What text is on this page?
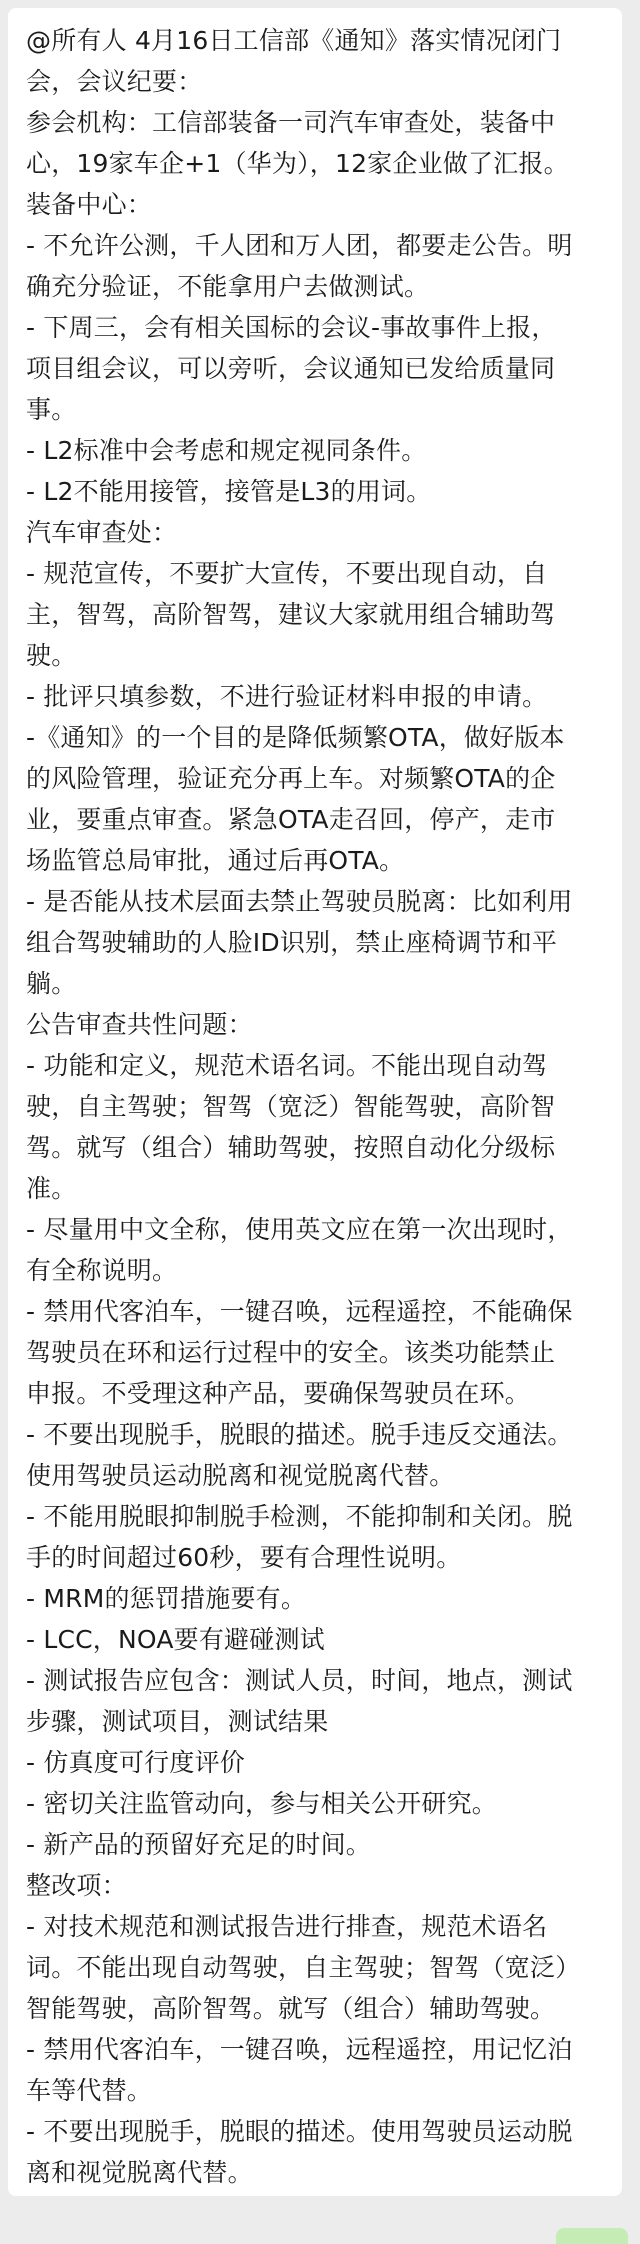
@所有人 4月16日工信部《通知》落实情况闭门
会，会议纪要：
参会机构：工信部装备一司汽车审查处，装备中
心，19家车企+1（华为），12家企业做了汇报。
装备中心：
- 不允许公测，千人团和万人团，都要走公告。明
确充分验证，不能拿用户去做测试。
- 下周三，会有相关国标的会议-事故事件上报，
项目组会议，可以旁听，会议通知已发给质量同
事。
- L2标准中会考虑和规定视同条件。
- L2不能用接管，接管是L3的用词。
汽车审查处：
- 规范宣传，不要扩大宣传，不要出现自动，自
主，智驾，高阶智驾，建议大家就用组合辅助驾
驶。
- 批评只填参数，不进行验证材料申报的申请。
-《通知》的一个目的是降低频繁OTA，做好版本
的风险管理，验证充分再上车。对频繁OTA的企
业，要重点审查。紧急OTA走召回，停产，走市
场监管总局审批，通过后再OTA。
- 是否能从技术层面去禁止驾驶员脱离：比如利用
组合驾驶辅助的人脸ID识别，禁止座椅调节和平
躺。
公告审查共性问题：
- 功能和定义，规范术语名词。不能出现自动驾
驶，自主驾驶；智驾（宽泛）智能驾驶，高阶智
驾。就写（组合）辅助驾驶，按照自动化分级标
准。
- 尽量用中文全称，使用英文应在第一次出现时，
有全称说明。
- 禁用代客泊车，一键召唤，远程遥控，不能确保
驾驶员在环和运行过程中的安全。该类功能禁止
申报。不受理这种产品，要确保驾驶员在环。
- 不要出现脱手，脱眼的描述。脱手违反交通法。
使用驾驶员运动脱离和视觉脱离代替。
- 不能用脱眼抑制脱手检测，不能抑制和关闭。脱
手的时间超过60秒，要有合理性说明。
- MRM的惩罚措施要有。
- LCC，NOA要有避碰测试
- 测试报告应包含：测试人员，时间，地点，测试
步骤，测试项目，测试结果
- 仿真度可行度评价
- 密切关注监管动向，参与相关公开研究。
- 新产品的预留好充足的时间。
整改项：
- 对技术规范和测试报告进行排查，规范术语名
词。不能出现自动驾驶，自主驾驶；智驾（宽泛）
智能驾驶，高阶智驾。就写（组合）辅助驾驶。
- 禁用代客泊车，一键召唤，远程遥控，用记忆泊
车等代替。
- 不要出现脱手，脱眼的描述。使用驾驶员运动脱
离和视觉脱离代替。
